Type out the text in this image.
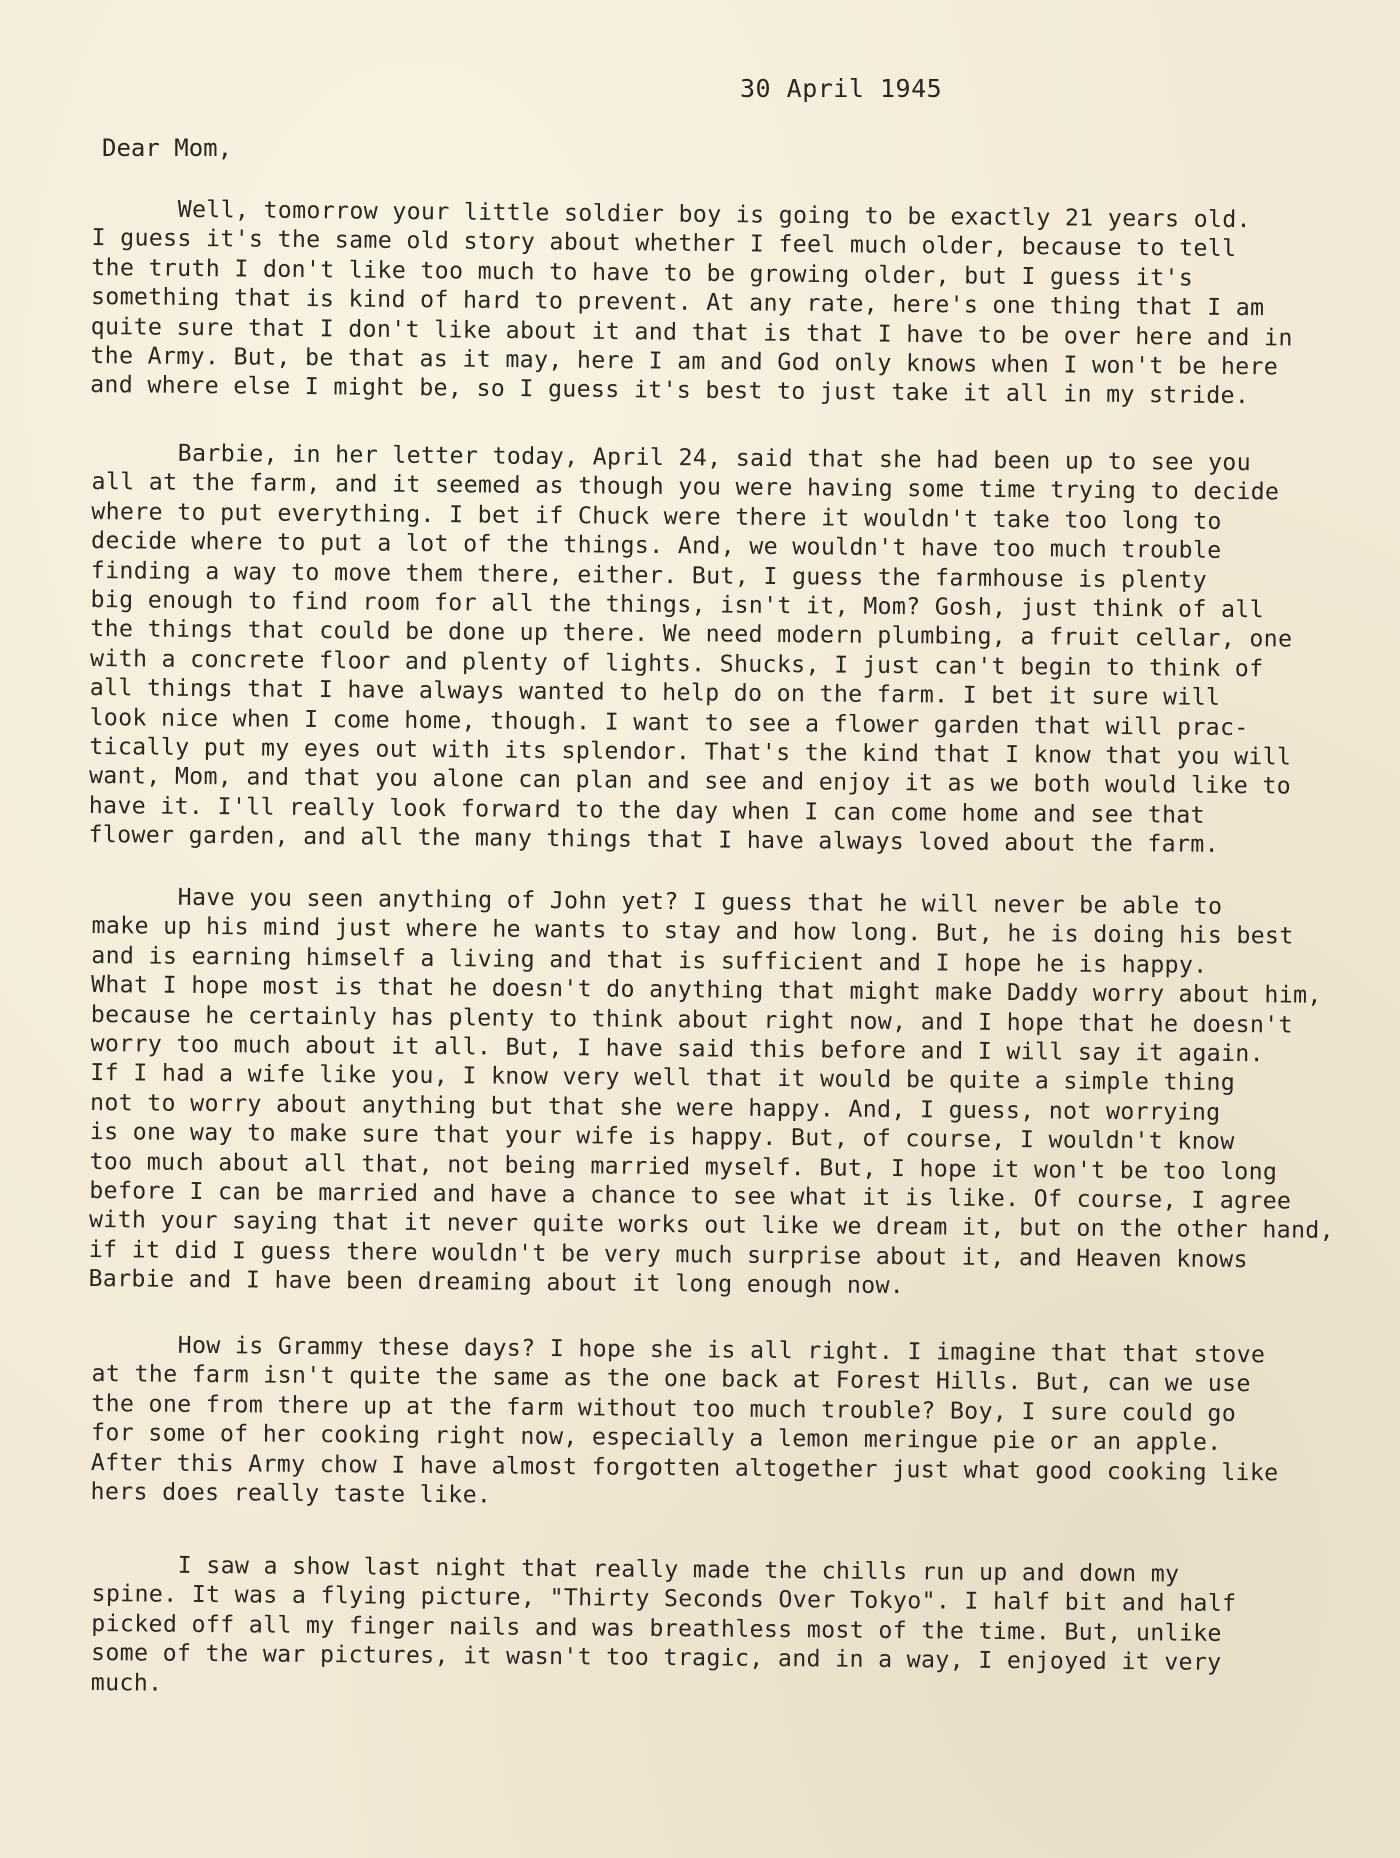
30 April 1945
Dear Mom,
Well, tomorrow your little soldier boy is going to be exactly 21 years old.
I guess it's the same old story about whether I feel much older, because to tell
the truth I don't like too much to have to be growing older, but I guess it's
something that is kind of hard to prevent. At any rate, here's one thing that I am
quite sure that I don't like about it and that is that I have to be over here and in
the Army. But, be that as it may, here I am and God only knows when I won't be here
and where else I might be, so I guess it's best to just take it all in my stride.
Barbie, in her letter today, April 24, said that she had been up to see you
all at the farm, and it seemed as though you were having some time trying to decide
where to put everything. I bet if Chuck were there it wouldn't take too long to
decide where to put a lot of the things. And, we wouldn't have too much trouble
finding a way to move them there, either. But, I guess the farmhouse is plenty
big enough to find room for all the things, isn't it, Mom? Gosh, just think of all
the things that could be done up there. We need modern plumbing, a fruit cellar, one
with a concrete floor and plenty of lights. Shucks, I just can't begin to think of
all things that I have always wanted to help do on the farm. I bet it sure will
look nice when I come home, though. I want to see a flower garden that will prac-
tically put my eyes out with its splendor. That's the kind that I know that you will
want, Mom, and that you alone can plan and see and enjoy it as we both would like to
have it. I'll really look forward to the day when I can come home and see that
flower garden, and all the many things that I have always loved about the farm.
Have you seen anything of John yet? I guess that he will never be able to
make up his mind just where he wants to stay and how long. But, he is doing his best
and is earning himself a living and that is sufficient and I hope he is happy.
What I hope most is that he doesn't do anything that might make Daddy worry about him,
because he certainly has plenty to think about right now, and I hope that he doesn't
worry too much about it all. But, I have said this before and I will say it again.
If I had a wife like you, I know very well that it would be quite a simple thing
not to worry about anything but that she were happy. And, I guess, not worrying
is one way to make sure that your wife is happy. But, of course, I wouldn't know
too much about all that, not being married myself. But, I hope it won't be too long
before I can be married and have a chance to see what it is like. Of course, I agree
with your saying that it never quite works out like we dream it, but on the other hand,
if it did I guess there wouldn't be very much surprise about it, and Heaven knows
Barbie and I have been dreaming about it long enough now.
How is Grammy these days? I hope she is all right. I imagine that that stove
at the farm isn't quite the same as the one back at Forest Hills. But, can we use
the one from there up at the farm without too much trouble? Boy, I sure could go
for some of her cooking right now, especially a lemon meringue pie or an apple.
After this Army chow I have almost forgotten altogether just what good cooking like
hers does really taste like.
I saw a show last night that really made the chills run up and down my
spine. It was a flying picture, "Thirty Seconds Over Tokyo". I half bit and half
picked off all my finger nails and was breathless most of the time. But, unlike
some of the war pictures, it wasn't too tragic, and in a way, I enjoyed it very
much.
